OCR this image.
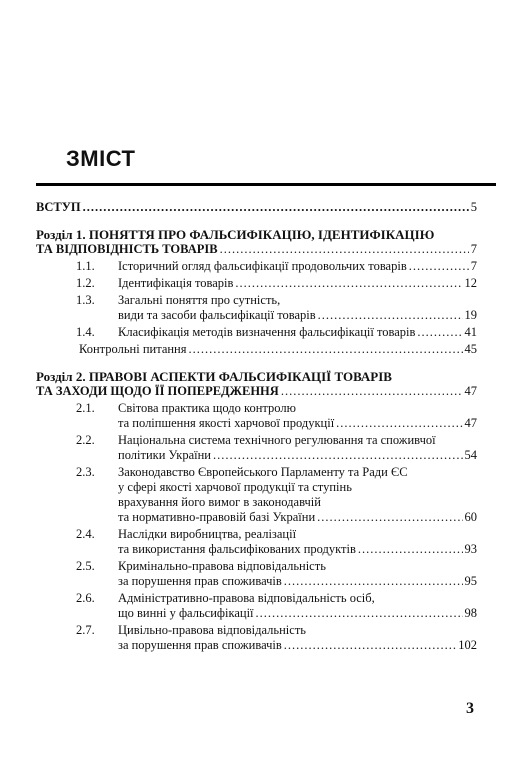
ЗМІСТ
ВСТУП .....	5
Розділ 1. ПОНЯТТЯ ПРО ФАЛЬСИФІКАЦІЮ, ІДЕНТИФІКАЦІЮ
ТА ВІДПОВІДНІСТЬ ТОВАРІВ .....	7
1.1. Історичний огляд фальсифікації продовольчих товарів .....	7
1.2. Ідентифікація товарів .....	12
1.3. Загальні поняття про сутність,
види та засоби фальсифікації товарів .....	19
1.4. Класифікація методів визначення фальсифікації товарів .....	41
Контрольні питання .....	45
Розділ 2. ПРАВОВІ АСПЕКТИ ФАЛЬСИФІКАЦІЇ ТОВАРІВ
ТА ЗАХОДИ ЩОДО ЇЇ ПОПЕРЕДЖЕННЯ .....	47
2.1. Світова практика щодо контролю
та поліпшення якості харчової продукції .....	47
2.2. Національна система технічного регулювання та споживчої
політики України .....	54
2.3. Законодавство Європейського Парламенту та Ради ЄС
у сфері якості харчової продукції та ступінь
врахування його вимог в законодавчій
та нормативно-правовій базі України .....	60
2.4. Наслідки виробництва, реалізації
та використання фальсифікованих продуктів .....	93
2.5. Кримінально-правова відповідальність
за порушення прав споживачів .....	95
2.6. Адміністративно-правова відповідальність осіб,
що винні у фальсифікації .....	98
2.7. Цивільно-правова відповідальність
за порушення прав споживачів .....	102
3
